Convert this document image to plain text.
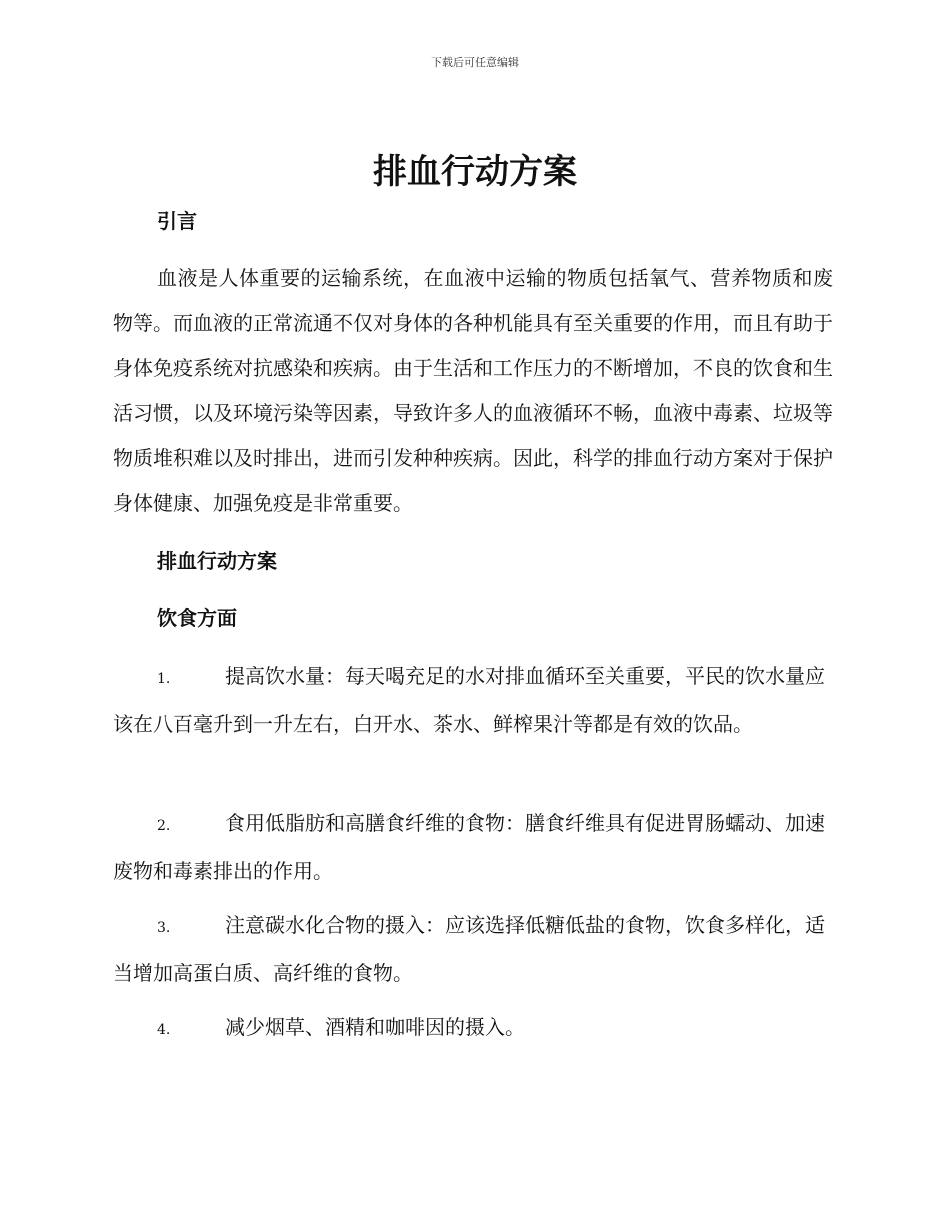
下载后可任意编辑
排血行动方案
引言

血液是人体重要的运输系统，在血液中运输的物质包括氧气、营养物质和废物等。而血液的正常流通不仅对身体的各种机能具有至关重要的作用，而且有助于身体免疫系统对抗感染和疾病。由于生活和工作压力的不断增加，不良的饮食和生活习惯，以及环境污染等因素，导致许多人的血液循环不畅，血液中毒素、垃圾等物质堆积难以及时排出，进而引发种种疾病。因此，科学的排血行动方案对于保护身体健康、加强免疫是非常重要。

排血行动方案
饮食方面

1.	提高饮水量：每天喝充足的水对排血循环至关重要，平民的饮水量应该在八百毫升到一升左右，白开水、茶水、鲜榨果汁等都是有效的饮品。

2.	食用低脂肪和高膳食纤维的食物：膳食纤维具有促进胃肠蠕动、加速废物和毒素排出的作用。

3.	注意碳水化合物的摄入：应该选择低糖低盐的食物，饮食多样化，适当增加高蛋白质、高纤维的食物。

4.	减少烟草、酒精和咖啡因的摄入。
